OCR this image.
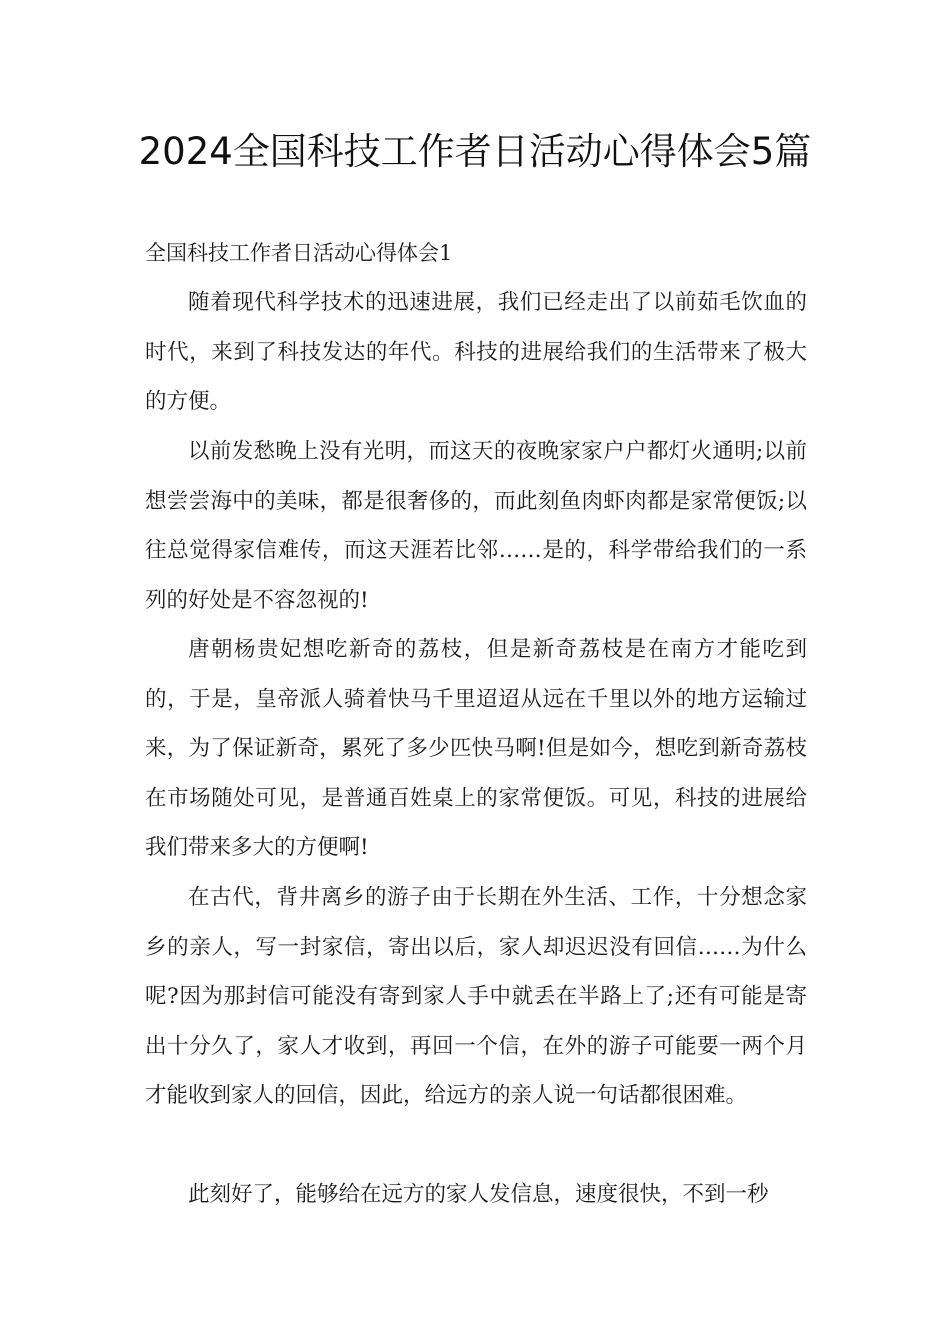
2024全国科技工作者日活动心得体会5篇
全国科技工作者日活动心得体会1

随着现代科学技术的迅速进展，我们已经走出了以前茹毛饮血的时代，来到了科技发达的年代。科技的进展给我们的生活带来了极大的方便。

以前发愁晚上没有光明，而这天的夜晚家家户户都灯火通明;以前想尝尝海中的美味，都是很奢侈的，而此刻鱼肉虾肉都是家常便饭;以往总觉得家信难传，而这天涯若比邻……是的，科学带给我们的一系列的好处是不容忽视的!

唐朝杨贵妃想吃新奇的荔枝，但是新奇荔枝是在南方才能吃到的，于是，皇帝派人骑着快马千里迢迢从远在千里以外的地方运输过来，为了保证新奇，累死了多少匹快马啊!但是如今，想吃到新奇荔枝在市场随处可见，是普通百姓桌上的家常便饭。可见，科技的进展给我们带来多大的方便啊!

在古代，背井离乡的游子由于长期在外生活、工作，十分想念家乡的亲人，写一封家信，寄出以后，家人却迟迟没有回信……为什么呢?因为那封信可能没有寄到家人手中就丢在半路上了;还有可能是寄出十分久了，家人才收到，再回一个信，在外的游子可能要一两个月才能收到家人的回信，因此，给远方的亲人说一句话都很困难。

此刻好了，能够给在远方的家人发信息，速度很快，不到一秒
